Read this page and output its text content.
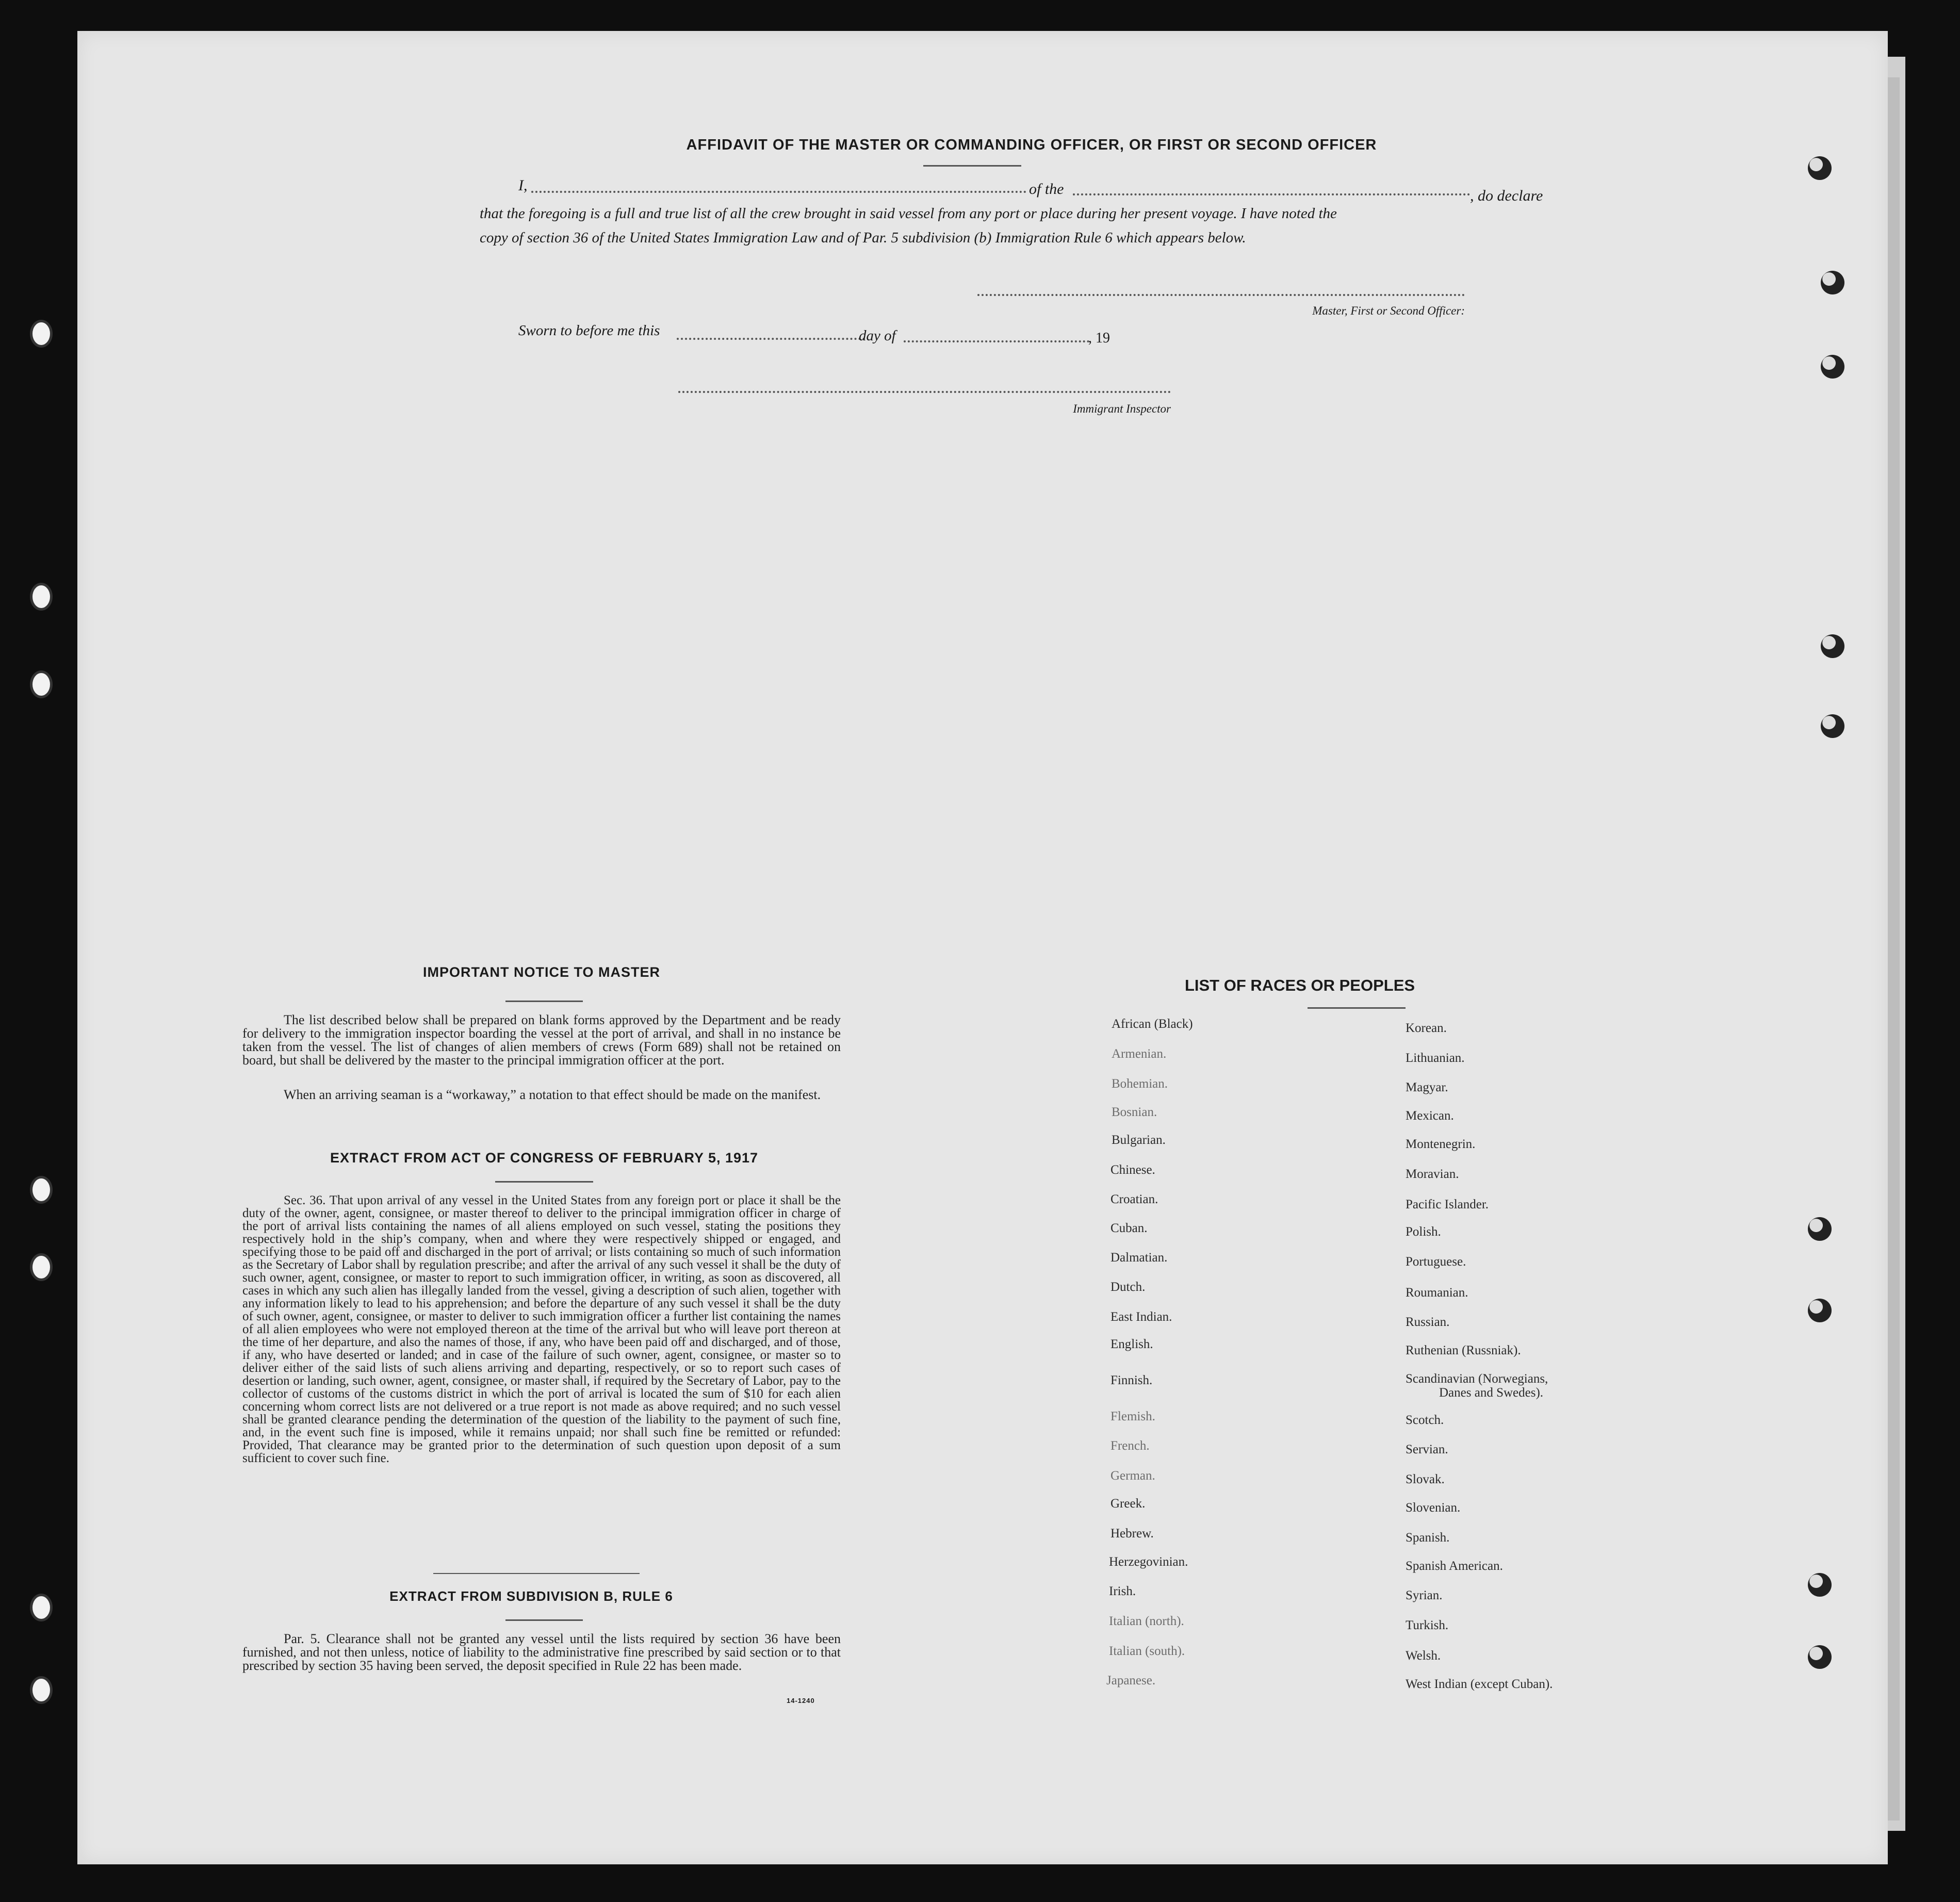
AFFIDAVIT OF THE MASTER OR COMMANDING OFFICER, OR FIRST OR SECOND OFFICER
I,	of the	, do declare
that the foregoing is a full and true list of all the crew brought in said vessel from any port or place during her present voyage. I have noted the
copy of section 36 of the United States Immigration Law and of Par. 5 subdivision (b) Immigration Rule 6 which appears below.
Master, First or Second Officer:
Sworn to before me this	day of	, 19
Immigrant Inspector
IMPORTANT NOTICE TO MASTER
The list described below shall be prepared on blank forms approved by the Department and be ready for delivery to the immigration inspector boarding the vessel at the port of arrival, and shall in no instance be taken from the vessel. The list of changes of alien members of crews (Form 689) shall not be retained on board, but shall be delivered by the master to the principal immigration officer at the port.
When an arriving seaman is a “workaway,” a notation to that effect should be made on the manifest.
EXTRACT FROM ACT OF CONGRESS OF FEBRUARY 5, 1917
Sec. 36. That upon arrival of any vessel in the United States from any foreign port or place it shall be the duty of the owner, agent, consignee, or master thereof to deliver to the principal immigration officer in charge of the port of arrival lists containing the names of all aliens employed on such vessel, stating the positions they respectively hold in the ship’s company, when and where they were respectively shipped or engaged, and specifying those to be paid off and discharged in the port of arrival; or lists containing so much of such information as the Secretary of Labor shall by regulation prescribe; and after the arrival of any such vessel it shall be the duty of such owner, agent, consignee, or master to report to such immigration officer, in writing, as soon as discovered, all cases in which any such alien has illegally landed from the vessel, giving a description of such alien, together with any information likely to lead to his apprehension; and before the departure of any such vessel it shall be the duty of such owner, agent, consignee, or master to deliver to such immigration officer a further list containing the names of all alien employees who were not employed thereon at the time of the arrival but who will leave port thereon at the time of her departure, and also the names of those, if any, who have been paid off and discharged, and of those, if any, who have deserted or landed; and in case of the failure of such owner, agent, consignee, or master so to deliver either of the said lists of such aliens arriving and departing, respectively, or so to report such cases of desertion or landing, such owner, agent, consignee, or master shall, if required by the Secretary of Labor, pay to the collector of customs of the customs district in which the port of arrival is located the sum of $10 for each alien concerning whom correct lists are not delivered or a true report is not made as above required; and no such vessel shall be granted clearance pending the determination of the question of the liability to the payment of such fine, and, in the event such fine is imposed, while it remains unpaid; nor shall such fine be remitted or refunded: Provided, That clearance may be granted prior to the determination of such question upon deposit of a sum sufficient to cover such fine.
EXTRACT FROM SUBDIVISION B, RULE 6
Par. 5. Clearance shall not be granted any vessel until the lists required by section 36 have been furnished, and not then unless, notice of liability to the administrative fine prescribed by said section or to that prescribed by section 35 having been served, the deposit specified in Rule 22 has been made.
14-1240
LIST OF RACES OR PEOPLES
African (Black)
Armenian.
Bohemian.
Bosnian.
Bulgarian.
Chinese.
Croatian.
Cuban.
Dalmatian.
Dutch.
East Indian.
English.
Finnish.
Flemish.
French.
German.
Greek.
Hebrew.
Herzegovinian.
Irish.
Italian (north).
Italian (south).
Japanese.
Korean.
Lithuanian.
Magyar.
Mexican.
Montenegrin.
Moravian.
Pacific Islander.
Polish.
Portuguese.
Roumanian.
Russian.
Ruthenian (Russniak).
Scandinavian (Norwegians,
Danes and Swedes).
Scotch.
Servian.
Slovak.
Slovenian.
Spanish.
Spanish American.
Syrian.
Turkish.
Welsh.
West Indian (except Cuban).
